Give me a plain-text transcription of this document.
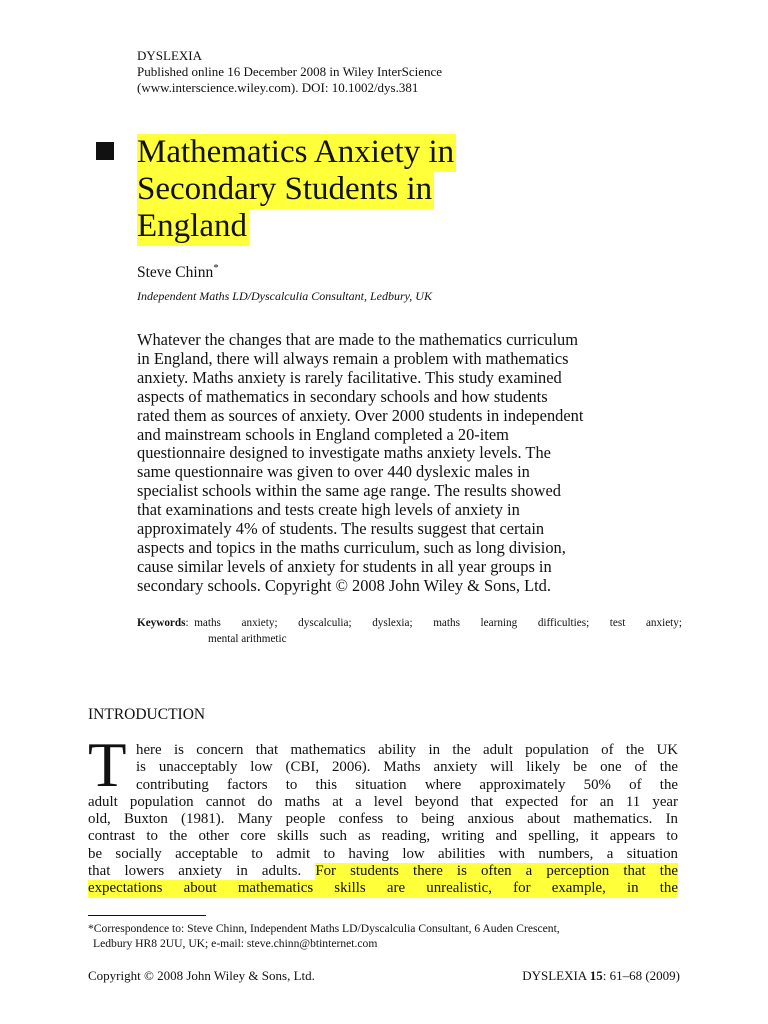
DYSLEXIA
Published online 16 December 2008 in Wiley InterScience
(www.interscience.wiley.com). DOI: 10.1002/dys.381
Mathematics Anxiety in
Secondary Students in
England
Steve Chinn*
Independent Maths LD/Dyscalculia Consultant, Ledbury, UK
Whatever the changes that are made to the mathematics curriculum
in England, there will always remain a problem with mathematics
anxiety. Maths anxiety is rarely facilitative. This study examined
aspects of mathematics in secondary schools and how students
rated them as sources of anxiety. Over 2000 students in independent
and mainstream schools in England completed a 20-item
questionnaire designed to investigate maths anxiety levels. The
same questionnaire was given to over 440 dyslexic males in
specialist schools within the same age range. The results showed
that examinations and tests create high levels of anxiety in
approximately 4% of students. The results suggest that certain
aspects and topics in the maths curriculum, such as long division,
cause similar levels of anxiety for students in all year groups in
secondary schools. Copyright © 2008 John Wiley & Sons, Ltd.
Keywords : maths anxiety; dyscalculia; dyslexia; maths learning difficulties; test anxiety;
mental arithmetic
INTRODUCTION
T here is concern that mathematics ability in the adult population of the UK
is unacceptably low (CBI, 2006). Maths anxiety will likely be one of the
contributing factors to this situation where approximately 50% of the
adult population cannot do maths at a level beyond that expected for an 11 year
old, Buxton (1981). Many people confess to being anxious about mathematics. In
contrast to the other core skills such as reading, writing and spelling, it appears to
be socially acceptable to admit to having low abilities with numbers, a situation
that lowers anxiety in adults. For students there is often a perception that the
expectations about mathematics skills are unrealistic, for example, in the
*Correspondence to: Steve Chinn, Independent Maths LD/Dyscalculia Consultant, 6 Auden Crescent,
Ledbury HR8 2UU, UK; e-mail: steve.chinn@btinternet.com
Copyright © 2008 John Wiley & Sons, Ltd.	DYSLEXIA 15: 61–68 (2009)
